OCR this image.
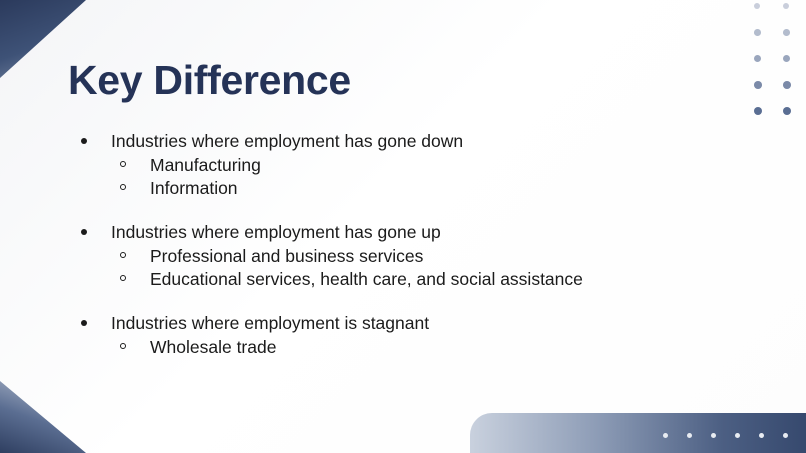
Key Difference
Industries where employment has gone down
Manufacturing
Information
Industries where employment has gone up
Professional and business services
Educational services, health care, and social assistance
Industries where employment is stagnant
Wholesale trade
